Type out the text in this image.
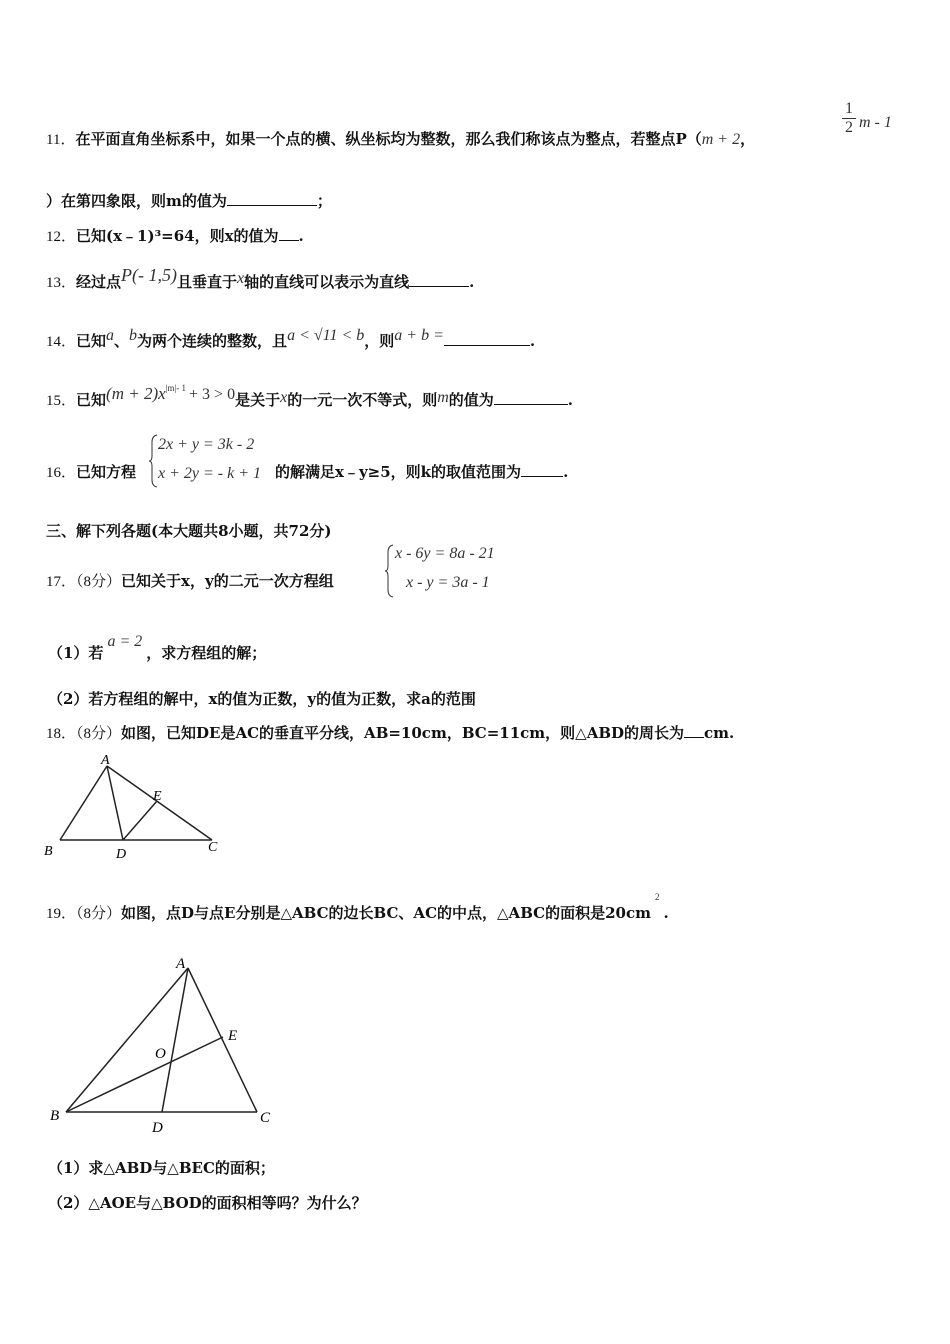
11．在平面直角坐标系中，如果一个点的横、纵坐标均为整数，那么我们称该点为整点，若整点P（m + 2，
$\frac{1}{2}$ m - 1
）在第四象限，则m的值为	；
12．已知(x﹣1)³=64，则x的值为 .
13．经过点P(- 1,5)且垂直于x轴的直线可以表示为直线	.
14．已知a、b为两个连续的整数，且a < √11 < b，则a + b =	.
15．已知$(m + 2)x^{|m|- 1} + 3 > 0$是关于x的一元一次不等式，则m的值为	.
16．已知方程
2x + y = 3k - 2
x + 2y = - k + 1 的解满足x﹣y≥5，则k的取值范围为	.
三、解下列各题(本大题共8小题，共72分)
17．（8分）已知关于x，y的二元一次方程组
x - 6y = 8a - 21
x - y = 3a - 1
（1）若a = 2，求方程组的解；
（2）若方程组的解中，x的值为正数，y的值为正数，求a的范围
18．（8分）如图，已知DE是AC的垂直平分线，AB=10cm，BC=11cm，则△ABD的周长为 cm.
A
E
B	D	C
19．（8分）如图，点D与点E分别是△ABC的边长BC、AC的中点，△ABC的面积是$20cm^2$.
A
E
O
B
D
C
（1）求△ABD与△BEC的面积；
（2）△AOE与△BOD的面积相等吗？为什么？
